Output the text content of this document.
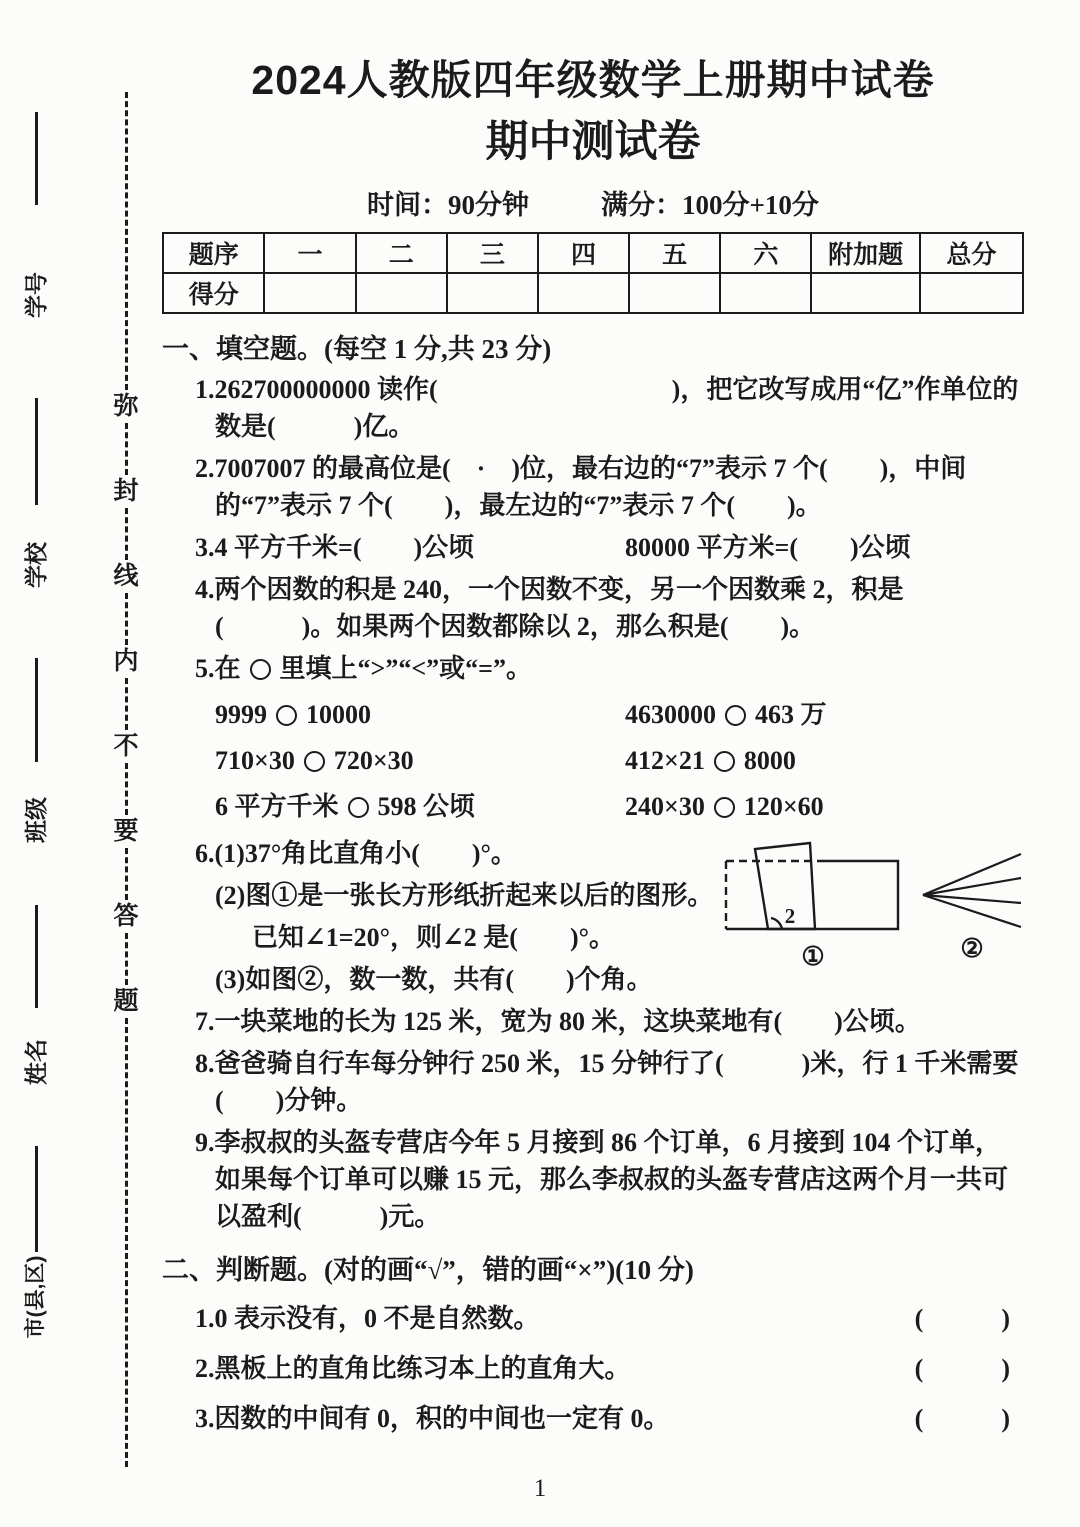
学号
学校
班级
姓名
市(县,区)
弥
封
线
内
不
要
答
题
2024人教版四年级数学上册期中试卷
期中测试卷
时间：90分钟	满分：100分+10分
题序	一	二	三	四	五	六	附加题	总分
得分								
一、填空题。(每空 1 分,共 23 分)

1.262700000000 读作(　　　　　　　　　)，把它改写成用“亿”作单位的数是(　　　)亿。

2.7007007 的最高位是(　·　)位，最右边的“7”表示 7 个(　　)，中间的“7”表示 7 个(　　)，最左边的“7”表示 7 个(　　)。

3.4 平方千米=(　　)公顷	80000 平方米=(　　)公顷

4.两个因数的积是 240，一个因数不变，另一个因数乘 2，积是(　　　)。如果两个因数都除以 2，那么积是(　　)。

5.在 里填上“>”“<”或“=”。

9999 10000	4630000 463 万
710×30 720×30	412×21 8000
6 平方千米 598 公顷	240×30 120×60

6.(1)37°角比直角小(　　)°。

(2)图①是一张长方形纸折起来以后的图形。

已知∠1=20°，则∠2 是(　　)°。

(3)如图②，数一数，共有(　　)个角。

2
①	②

7.一块菜地的长为 125 米，宽为 80 米，这块菜地有(　　)公顷。

8.爸爸骑自行车每分钟行 250 米，15 分钟行了(　　　)米，行 1 千米需要(　　)分钟。

9.李叔叔的头盔专营店今年 5 月接到 86 个订单，6 月接到 104 个订单，如果每个订单可以赚 15 元，那么李叔叔的头盔专营店这两个月一共可以盈利(　　　)元。

二、判断题。(对的画“√”，错的画“×”)(10 分)
1.0 表示没有，0 不是自然数。	(　　　)
2.黑板上的直角比练习本上的直角大。	(　　　)
3.因数的中间有 0，积的中间也一定有 0。	(　　　)
1
